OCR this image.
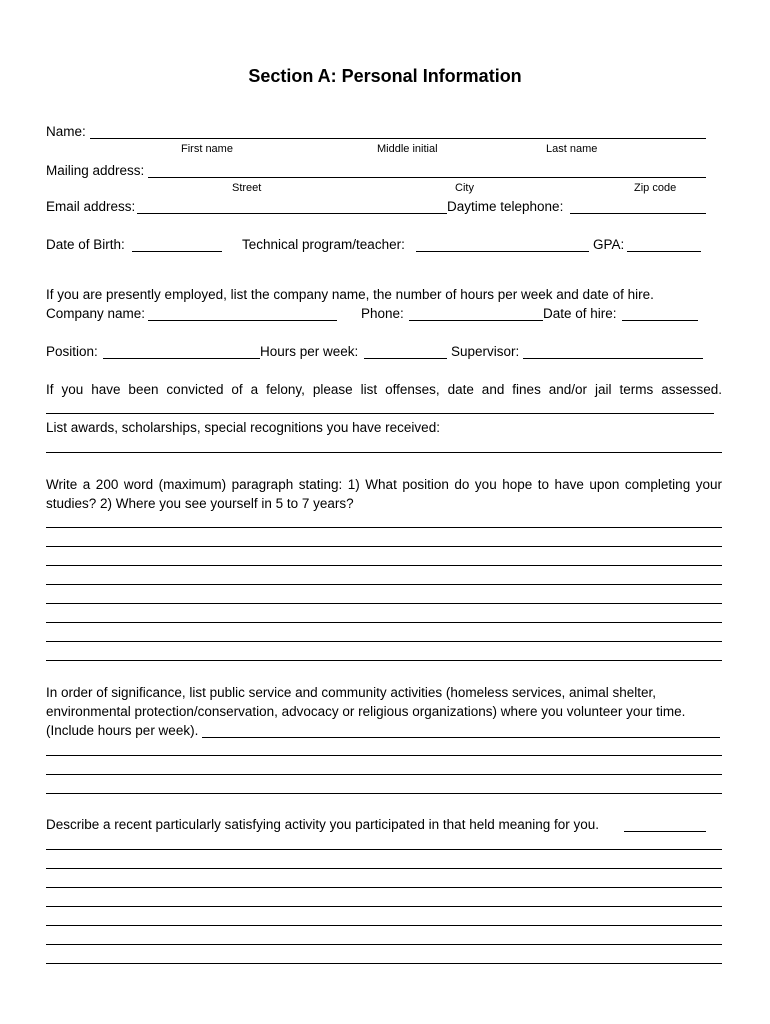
Section A: Personal Information
Name:
First name	Middle initial	Last name
Mailing address:
Street	City	Zip code
Email address:	Daytime telephone:
Date of Birth:	Technical program/teacher:	GPA:
If you are presently employed, list the company name, the number of hours per week and date of hire.
Company name:	Phone:	Date of hire:
Position:	Hours per week:	Supervisor:
If you have been convicted of a felony, please list offenses, date and fines and/or jail terms assessed.
List awards, scholarships, special recognitions you have received:
Write a 200 word (maximum) paragraph stating: 1) What position do you hope to have upon completing your
studies? 2) Where you see yourself in 5 to 7 years?
In order of significance, list public service and community activities (homeless services, animal shelter,
environmental protection/conservation, advocacy or religious organizations) where you volunteer your time.
(Include hours per week).
Describe a recent particularly satisfying activity you participated in that held meaning for you.
